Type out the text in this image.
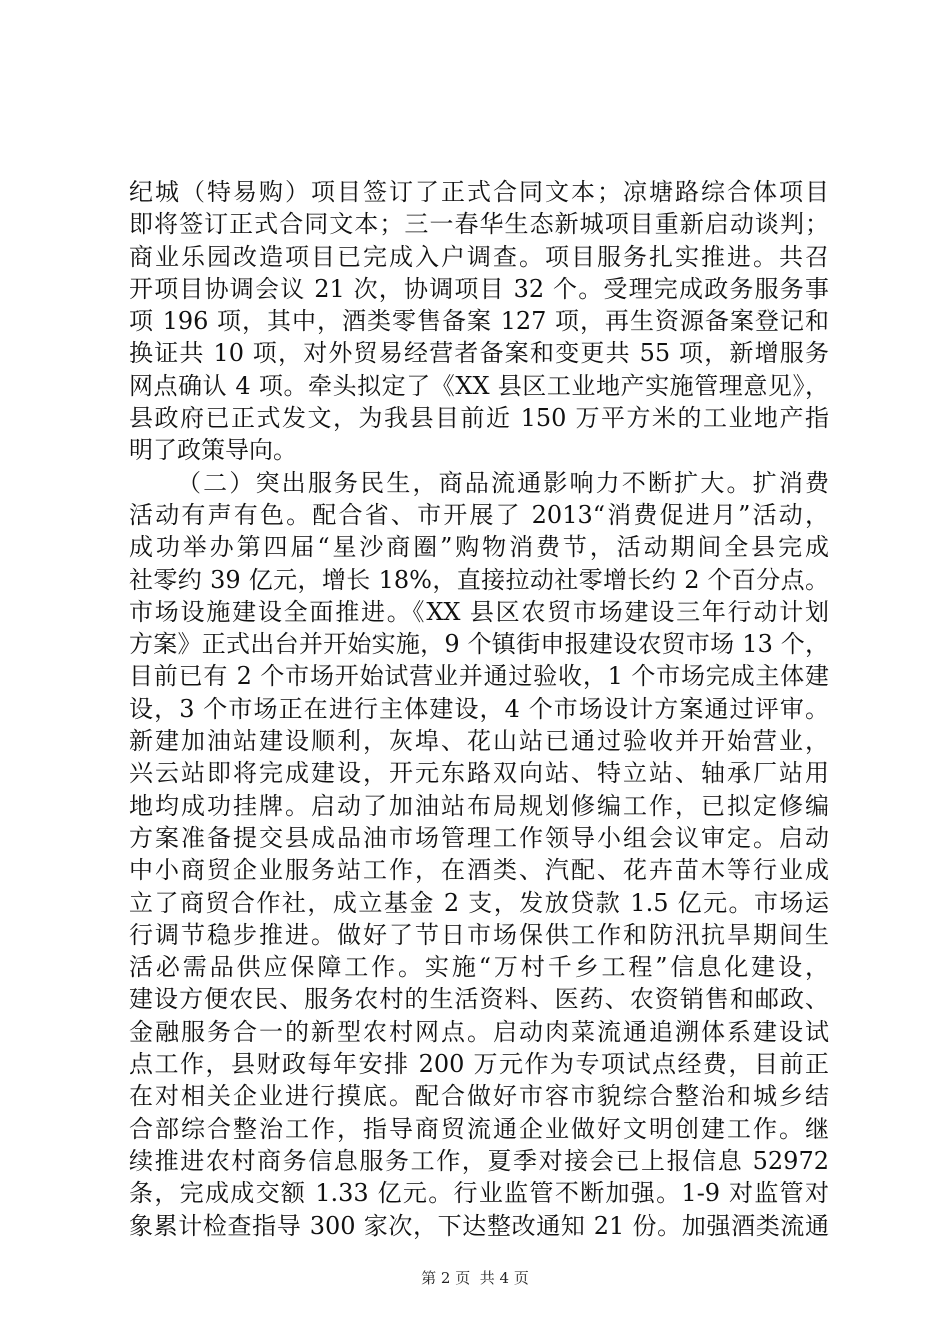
纪城（特易购）项目签订了正式合同文本；凉塘路综合体项目
即将签订正式合同文本；三一春华生态新城项目重新启动谈判；
商业乐园改造项目已完成入户调查。项目服务扎实推进。共召
开项目协调会议 21 次，协调项目 32 个。受理完成政务服务事
项 196 项，其中，酒类零售备案 127 项，再生资源备案登记和
换证共 10 项，对外贸易经营者备案和变更共 55 项，新增服务
网点确认 4 项。牵头拟定了《XX 县区工业地产实施管理意见》，
县政府已正式发文，为我县目前近 150 万平方米的工业地产指
明了政策导向。
（二）突出服务民生，商品流通影响力不断扩大。扩消费
活动有声有色。配合省、市开展了 2013“消费促进月”活动，
成功举办第四届“星沙商圈”购物消费节，活动期间全县完成
社零约 39 亿元，增长 18%，直接拉动社零增长约 2 个百分点。
市场设施建设全面推进。《XX 县区农贸市场建设三年行动计划
方案》正式出台并开始实施，9 个镇街申报建设农贸市场 13 个，
目前已有 2 个市场开始试营业并通过验收，1 个市场完成主体建
设，3 个市场正在进行主体建设，4 个市场设计方案通过评审。
新建加油站建设顺利，灰埠、花山站已通过验收并开始营业，
兴云站即将完成建设，开元东路双向站、特立站、轴承厂站用
地均成功挂牌。启动了加油站布局规划修编工作，已拟定修编
方案准备提交县成品油市场管理工作领导小组会议审定。启动
中小商贸企业服务站工作，在酒类、汽配、花卉苗木等行业成
立了商贸合作社，成立基金 2 支，发放贷款 1.5 亿元。市场运
行调节稳步推进。做好了节日市场保供工作和防汛抗旱期间生
活必需品供应保障工作。实施“万村千乡工程”信息化建设，
建设方便农民、服务农村的生活资料、医药、农资销售和邮政、
金融服务合一的新型农村网点。启动肉菜流通追溯体系建设试
点工作，县财政每年安排 200 万元作为专项试点经费，目前正
在对相关企业进行摸底。配合做好市容市貌综合整治和城乡结
合部综合整治工作，指导商贸流通企业做好文明创建工作。继
续推进农村商务信息服务工作，夏季对接会已上报信息 52972
条，完成成交额 1.33 亿元。行业监管不断加强。1-9 对监管对
象累计检查指导 300 家次，下达整改通知 21 份。加强酒类流通
第 2 页  共 4 页
